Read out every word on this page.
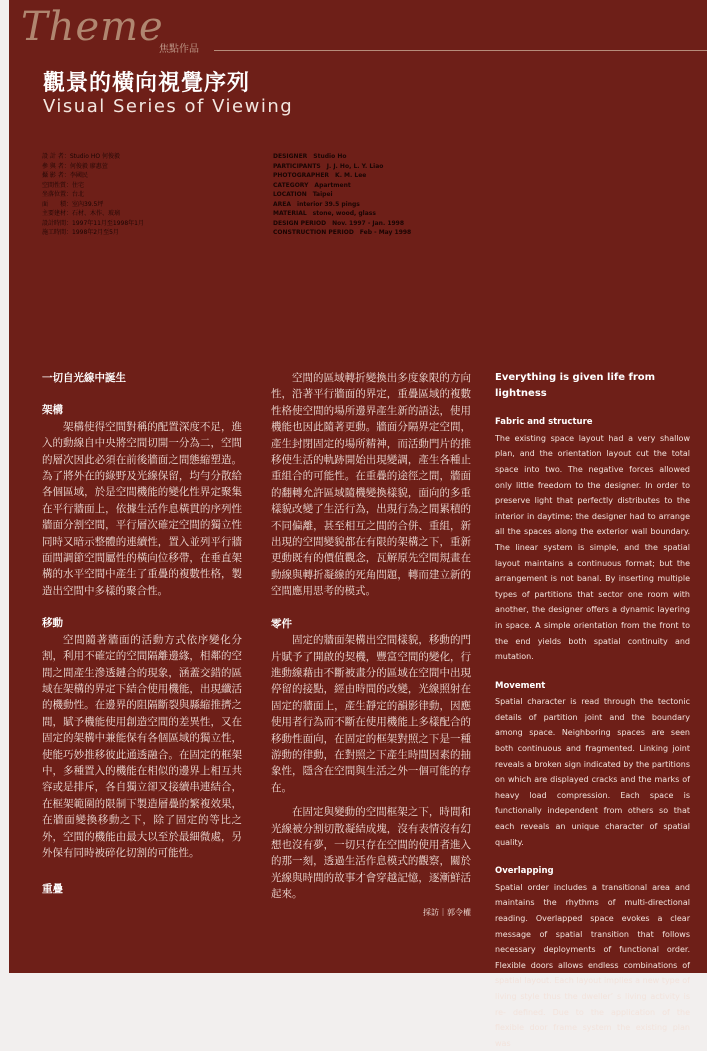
Theme
焦點作品
觀景的橫向視覺序列
Visual Series of Viewing
設 計 者：Studio HO 何俊毅
參 與 者：何俊毅 廖惠萱
攝 影 者：李國民
空間性質：住宅
坐落位置：台北
面　　積：室內39.5坪
主要建材：石材、木作、玻璃
設計時間：1997年11月至1998年1月
施工時間：1998年2月至5月
DESIGNER　Studio Ho
PARTICIPANTS　J. J. Ho, L. Y. Liao
PHOTOGRAPHER　K. M. Lee
CATEGORY　Apartment
LOCATION　Taipei
AREA　interior 39.5 pings
MATERIAL　stone, wood, glass
DESIGN PERIOD　Nov. 1997 - Jan. 1998
CONSTRUCTION PERIOD　Feb - May 1998

一切自光線中誕生

架構

架構使得空間對稱的配置深度不足，進入的動線自中央將空間切開一分為二，空間的層次因此必須在前後牆面之間態縮塑造。為了將外在的綠野及光線保留，均勻分散給各個區域，於是空間機能的變化性界定聚集在平行牆面上，依據生活作息橫貫的序列性牆面分割空間，平行層次確定空間的獨立性同時又暗示整體的連續性，置入並列平行牆面間調節空間屬性的橫向位移帶，在垂直架構的水平空間中產生了重疊的複數性格，製造出空間中多樣的聚合性。

移動

空間隨著牆面的活動方式依序變化分割，利用不確定的空間隔離邊緣，相鄰的空間之間產生滲透鏈合的現象，涵蓋交錯的區域在架構的界定下結合使用機能，出現纖活的機動性。在邊界的阻隔斷裂與縣縮推擠之間，賦予機能使用創造空間的差異性，又在固定的架構中兼能保有各個區域的獨立性，使能巧妙推移彼此通透融合。在固定的框架中，多種置入的機能在相似的邊界上相互共容或是排斥，各自獨立卻又接續串連結合，在框架範圍的限制下製造層疊的繁複效果，在牆面變換移動之下，除了固定的等比之外，空間的機能由最大以至於最細微處，另外保有同時被碎化切割的可能性。

重疊

空間的區域轉折變換出多度象限的方向性，沿著平行牆面的界定，重疊區域的複數性格使空間的場所邊界產生新的語法，使用機能也因此隨著更動。牆面分隔界定空間，產生封閉固定的場所精神，而活動門片的推移使生活的軌跡開始出現變調，產生各種止重組合的可能性。在重疊的途徑之間，牆面的翻轉允許區域隨機變換樣貌，面向的多重樣貌改變了生活行為，出現行為之間累積的不同偏離，甚至相互之間的合併、重組，新出現的空間變貌都在有限的架構之下，重新更動既有的價值觀念，瓦解原先空間規畫在動線與轉折凝線的死角問題，轉而建立新的空間應用思考的模式。

零件

固定的牆面架構出空間樣貌，移動的門片賦予了開啟的契機，豐富空間的變化，行進動線藉由不斷被畫分的區域在空間中出現停留的接點，經由時間的改變，光線照射在固定的牆面上，產生靜定的韻影律動，因應使用者行為而不斷在使用機能上多樣配合的移動性面向，在固定的框架對照之下是一種游動的律動，在對照之下產生時間因素的抽象性，隱含在空間與生活之外一個可能的存在。

在固定與變動的空間框架之下，時間和光線被分割切散凝結成塊，沒有表情沒有幻想也沒有夢，一切只存在空間的使用者進入的那一刻，透過生活作息模式的觀察，關於光線與時間的故事才會穿越記憶，逐漸鮮活起來。

採訪｜郭令權

Everything is given life from lightness

Fabric and structure

The existing space layout had a very shallow plan, and the orientation layout cut the total space into two. The negative forces allowed only little freedom to the designer. In order to preserve light that perfectly distributes to the interior in daytime; the designer had to arrange all the spaces along the exterior wall boundary. The linear system is simple, and the spatial layout maintains a continuous format; but the arrangement is not banal. By inserting multiple types of partitions that sector one room with another, the designer offers a dynamic layering in space. A simple orientation from the front to the end yields both spatial continuity and mutation.

Movement

Spatial character is read through the tectonic details of partition joint and the boundary among space. Neighboring spaces are seen both continuous and fragmented. Linking joint reveals a broken sign indicated by the partitions on which are displayed cracks and the marks of heavy load compression. Each space is functionally independent from others so that each reveals an unique character of spatial quality.

Overlapping

Spatial order includes a transitional area and maintains the rhythms of multi-directional reading. Overlapped space evokes a clear message of spatial transition that follows necessary deployments of functional order. Flexible doors allows endless combinations of spatial layout. Each layout implies a new type of living style thus the dweller’ s living activity is re- defined. Due to the application of the flexible door frame system the existing plan was
